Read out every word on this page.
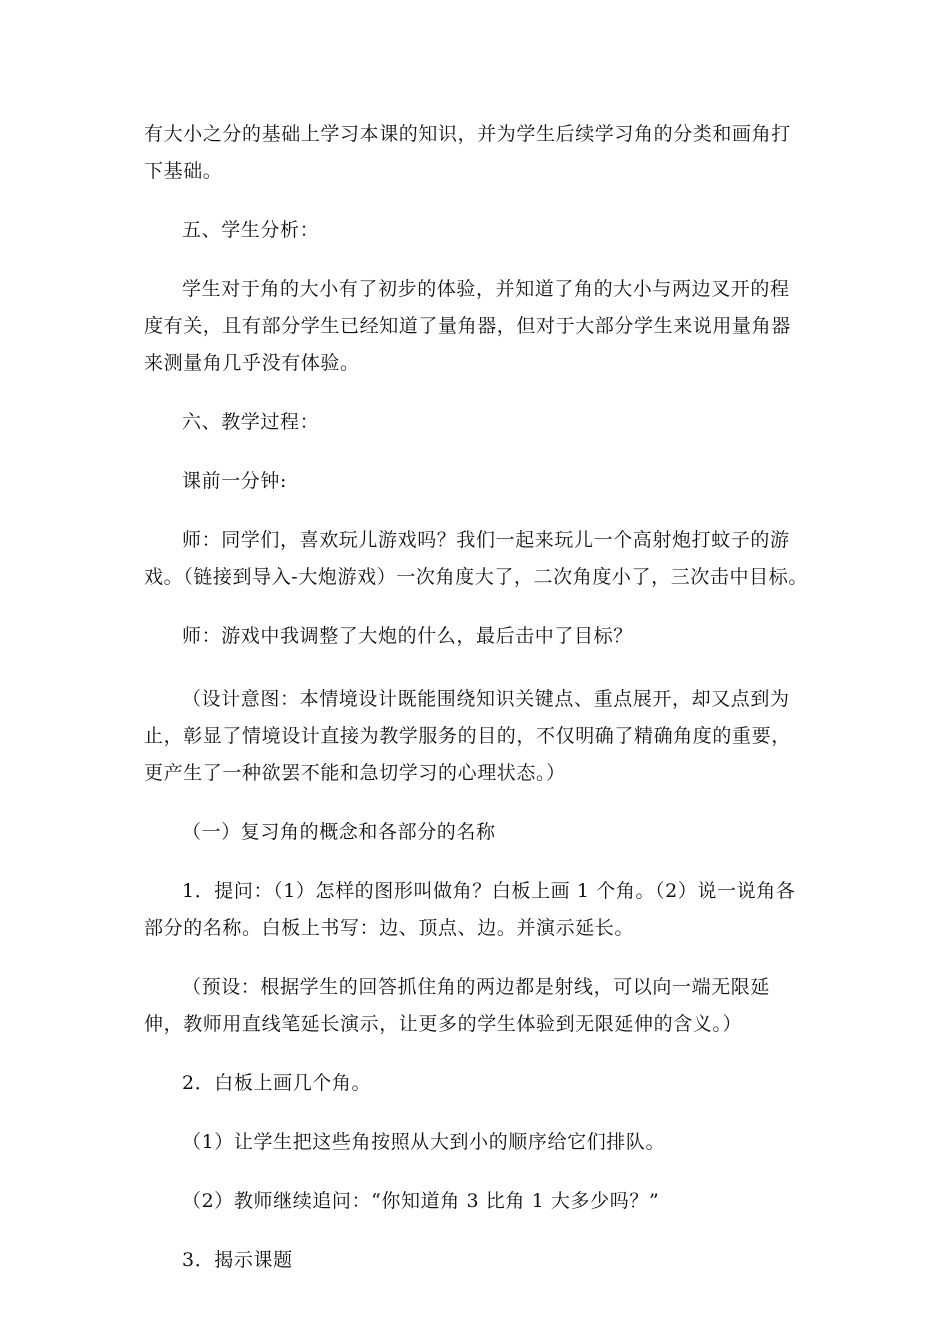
有大小之分的基础上学习本课的知识，并为学生后续学习角的分类和画角打下基础。

五、学生分析：

学生对于角的大小有了初步的体验，并知道了角的大小与两边叉开的程度有关，且有部分学生已经知道了量角器，但对于大部分学生来说用量角器来测量角几乎没有体验。

六、教学过程：

课前一分钟:

师：同学们，喜欢玩儿游戏吗？我们一起来玩儿一个高射炮打蚊子的游戏。（链接到导入-大炮游戏）一次角度大了，二次角度小了，三次击中目标。

师：游戏中我调整了大炮的什么，最后击中了目标？

（设计意图：本情境设计既能围绕知识关键点、重点展开，却又点到为止，彰显了情境设计直接为教学服务的目的，不仅明确了精确角度的重要，更产生了一种欲罢不能和急切学习的心理状态。）

（一）复习角的概念和各部分的名称

1．提问：（1）怎样的图形叫做角？白板上画 1 个角。（2）说一说角各部分的名称。白板上书写：边、顶点、边。并演示延长。

（预设：根据学生的回答抓住角的两边都是射线，可以向一端无限延伸，教师用直线笔延长演示，让更多的学生体验到无限延伸的含义。）

2．白板上画几个角。

（1）让学生把这些角按照从大到小的顺序给它们排队。

（2）教师继续追问：“你知道角 3 比角 1 大多少吗？”

3．揭示课题
